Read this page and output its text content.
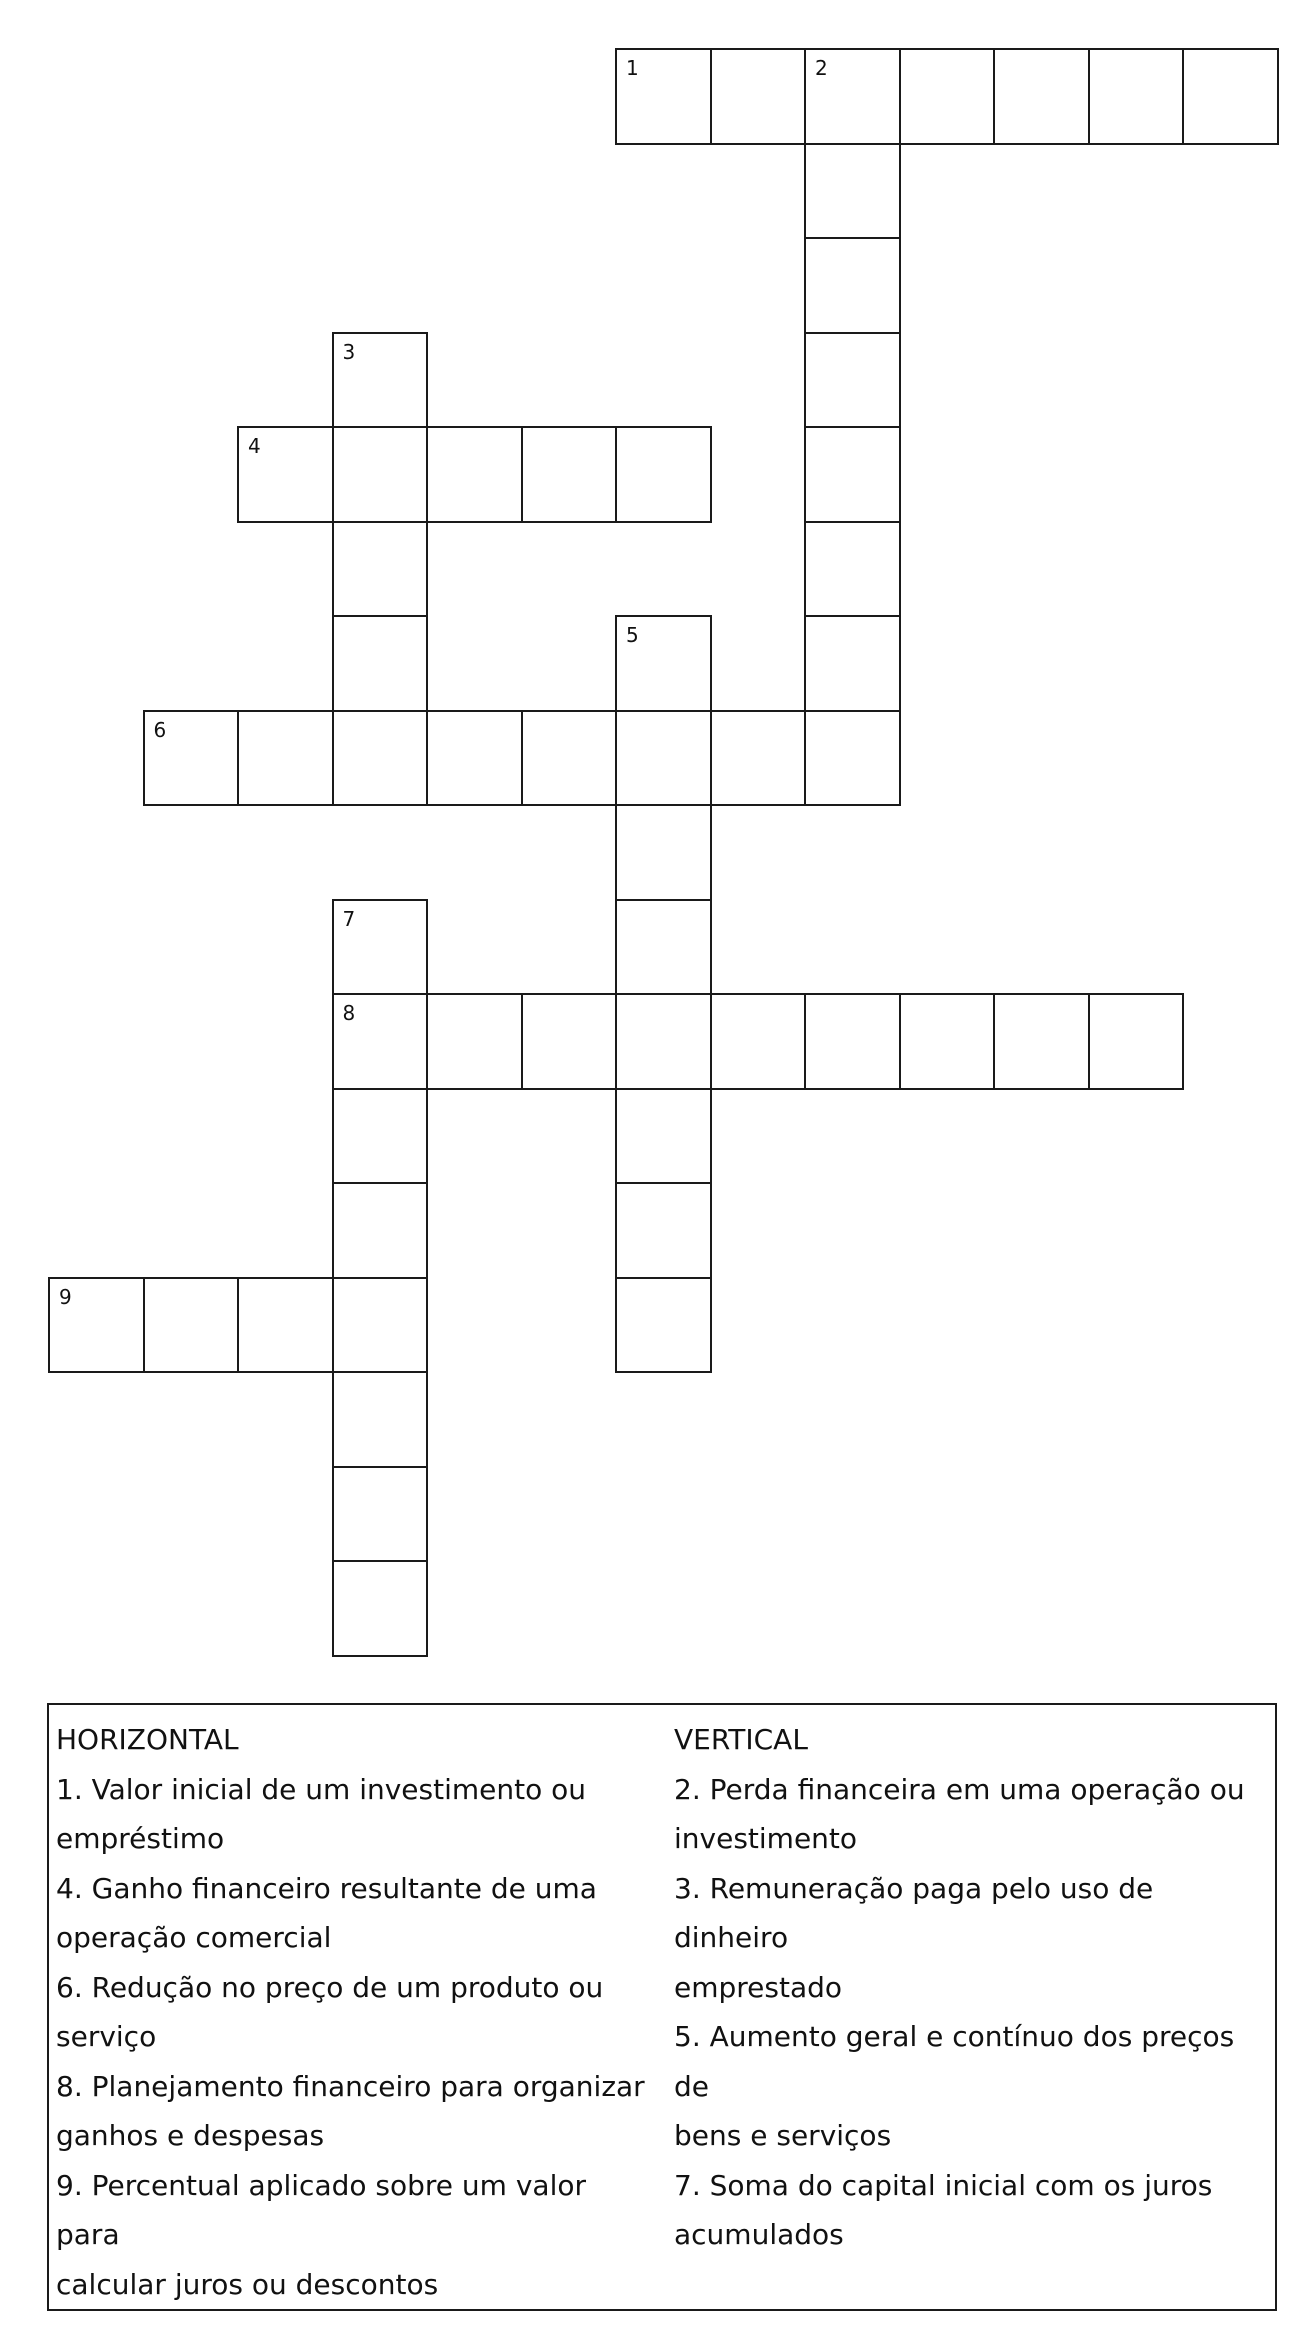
1	2
3
4
5
6
7
8
9
HORIZONTAL
1. Valor inicial de um investimento ou
empréstimo
4. Ganho financeiro resultante de uma
operação comercial
6. Redução no preço de um produto ou
serviço
8. Planejamento financeiro para organizar
ganhos e despesas
9. Percentual aplicado sobre um valor para
calcular juros ou descontos
VERTICAL
2. Perda financeira em uma operação ou
investimento
3. Remuneração paga pelo uso de dinheiro
emprestado
5. Aumento geral e contínuo dos preços de
bens e serviços
7. Soma do capital inicial com os juros
acumulados
